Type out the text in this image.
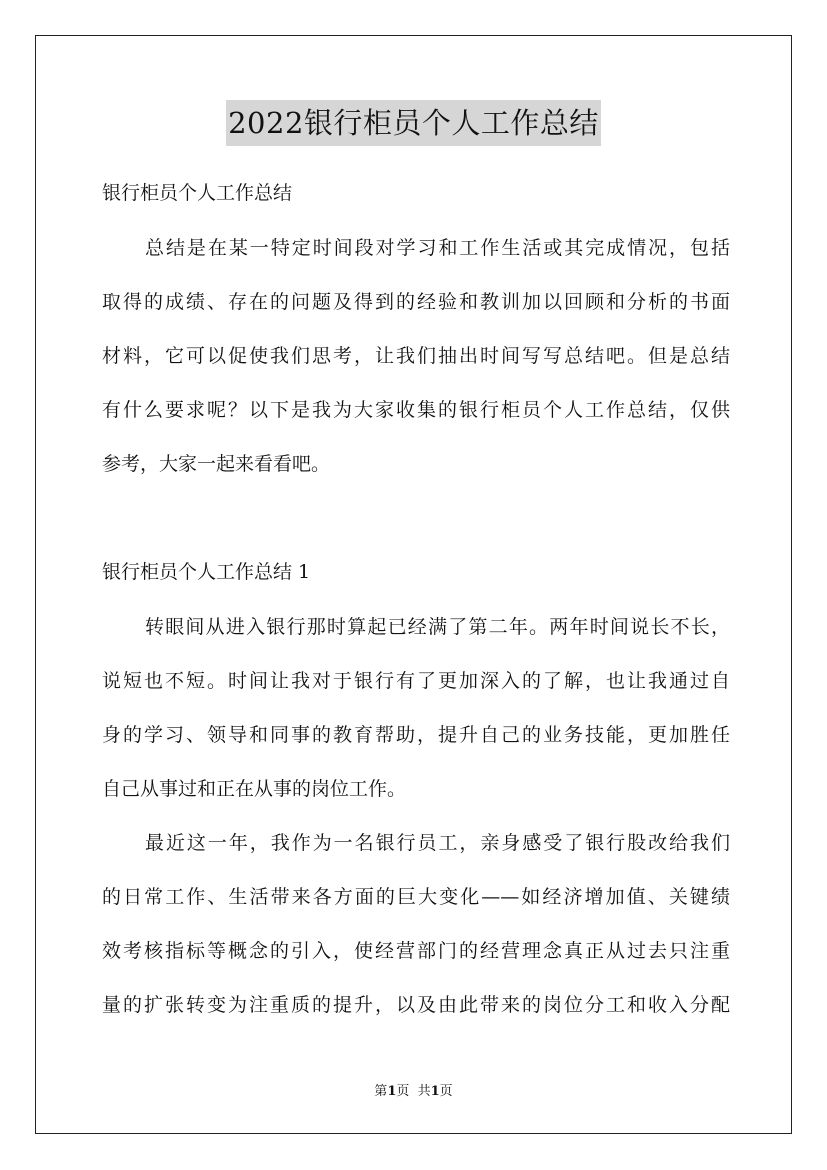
2022银行柜员个人工作总结
银行柜员个人工作总结
总结是在某一特定时间段对学习和工作生活或其完成情况，包括
取得的成绩、存在的问题及得到的经验和教训加以回顾和分析的书面
材料，它可以促使我们思考，让我们抽出时间写写总结吧。但是总结
有什么要求呢？以下是我为大家收集的银行柜员个人工作总结，仅供
参考，大家一起来看看吧。
银行柜员个人工作总结 1
转眼间从进入银行那时算起已经满了第二年。两年时间说长不长，
说短也不短。时间让我对于银行有了更加深入的了解，也让我通过自
身的学习、领导和同事的教育帮助，提升自己的业务技能，更加胜任
自己从事过和正在从事的岗位工作。
最近这一年，我作为一名银行员工，亲身感受了银行股改给我们
的日常工作、生活带来各方面的巨大变化——如经济增加值、关键绩
效考核指标等概念的引入，使经营部门的经营理念真正从过去只注重
量的扩张转变为注重质的提升，以及由此带来的岗位分工和收入分配
第1页  共1页
